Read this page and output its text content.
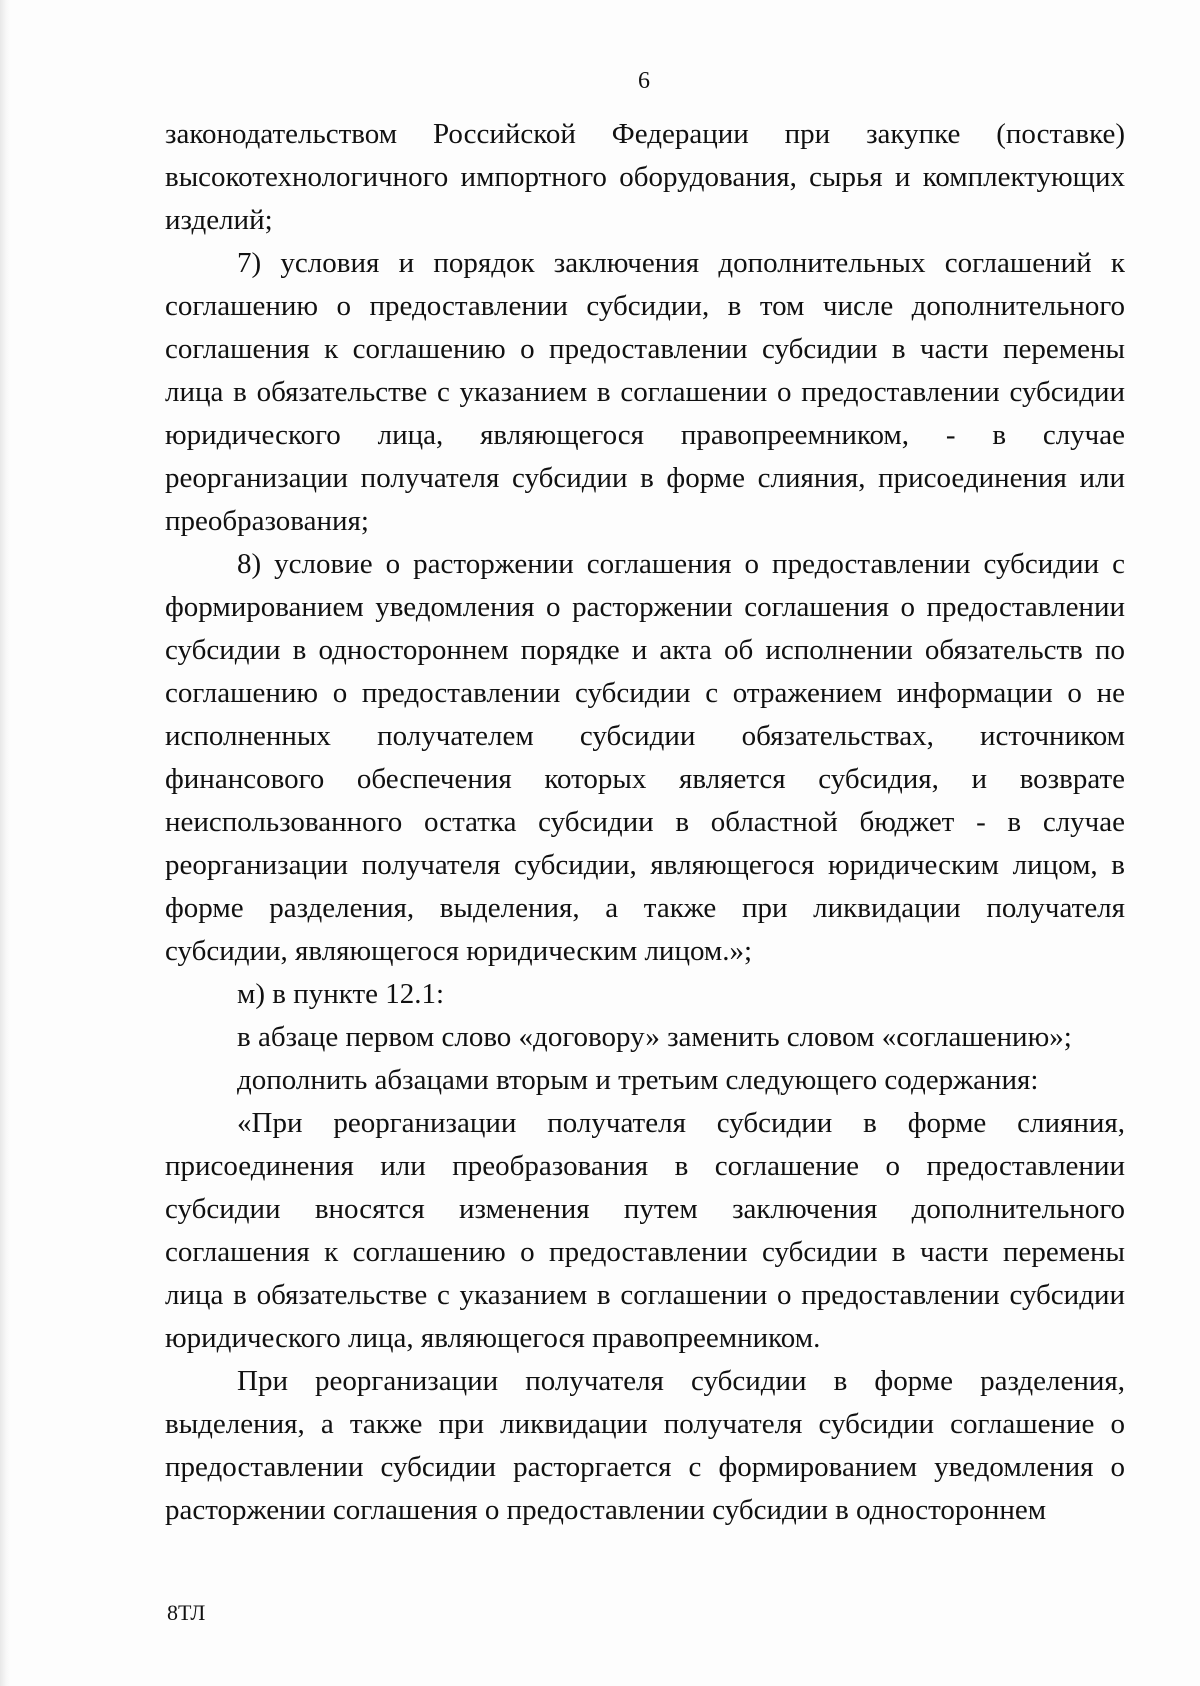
6

законодательством Российской Федерации при закупке (поставке) высокотехнологичного импортного оборудования, сырья и комплектующих изделий;

7) условия и порядок заключения дополнительных соглашений к соглашению о предоставлении субсидии, в том числе дополнительного соглашения к соглашению о предоставлении субсидии в части перемены лица в обязательстве с указанием в соглашении о предоставлении субсидии юридического лица, являющегося правопреемником, - в случае реорганизации получателя субсидии в форме слияния, присоединения или преобразования;

8) условие о расторжении соглашения о предоставлении субсидии с формированием уведомления о расторжении соглашения о предоставлении субсидии в одностороннем порядке и акта об исполнении обязательств по соглашению о предоставлении субсидии с отражением информации о не исполненных получателем субсидии обязательствах, источником финансового обеспечения которых является субсидия, и возврате неиспользованного остатка субсидии в областной бюджет - в случае реорганизации получателя субсидии, являющегося юридическим лицом, в форме разделения, выделения, а также при ликвидации получателя субсидии, являющегося юридическим лицом.»;

м) в пункте 12.1:

в абзаце первом слово «договору» заменить словом «соглашению»;

дополнить абзацами вторым и третьим следующего содержания:

«При реорганизации получателя субсидии в форме слияния, присоединения или преобразования в соглашение о предоставлении субсидии вносятся изменения путем заключения дополнительного соглашения к соглашению о предоставлении субсидии в части перемены лица в обязательстве с указанием в соглашении о предоставлении субсидии юридического лица, являющегося правопреемником.

При реорганизации получателя субсидии в форме разделения, выделения, а также при ликвидации получателя субсидии соглашение о предоставлении субсидии расторгается с формированием уведомления о расторжении соглашения о предоставлении субсидии в одностороннем

8ТЛ
